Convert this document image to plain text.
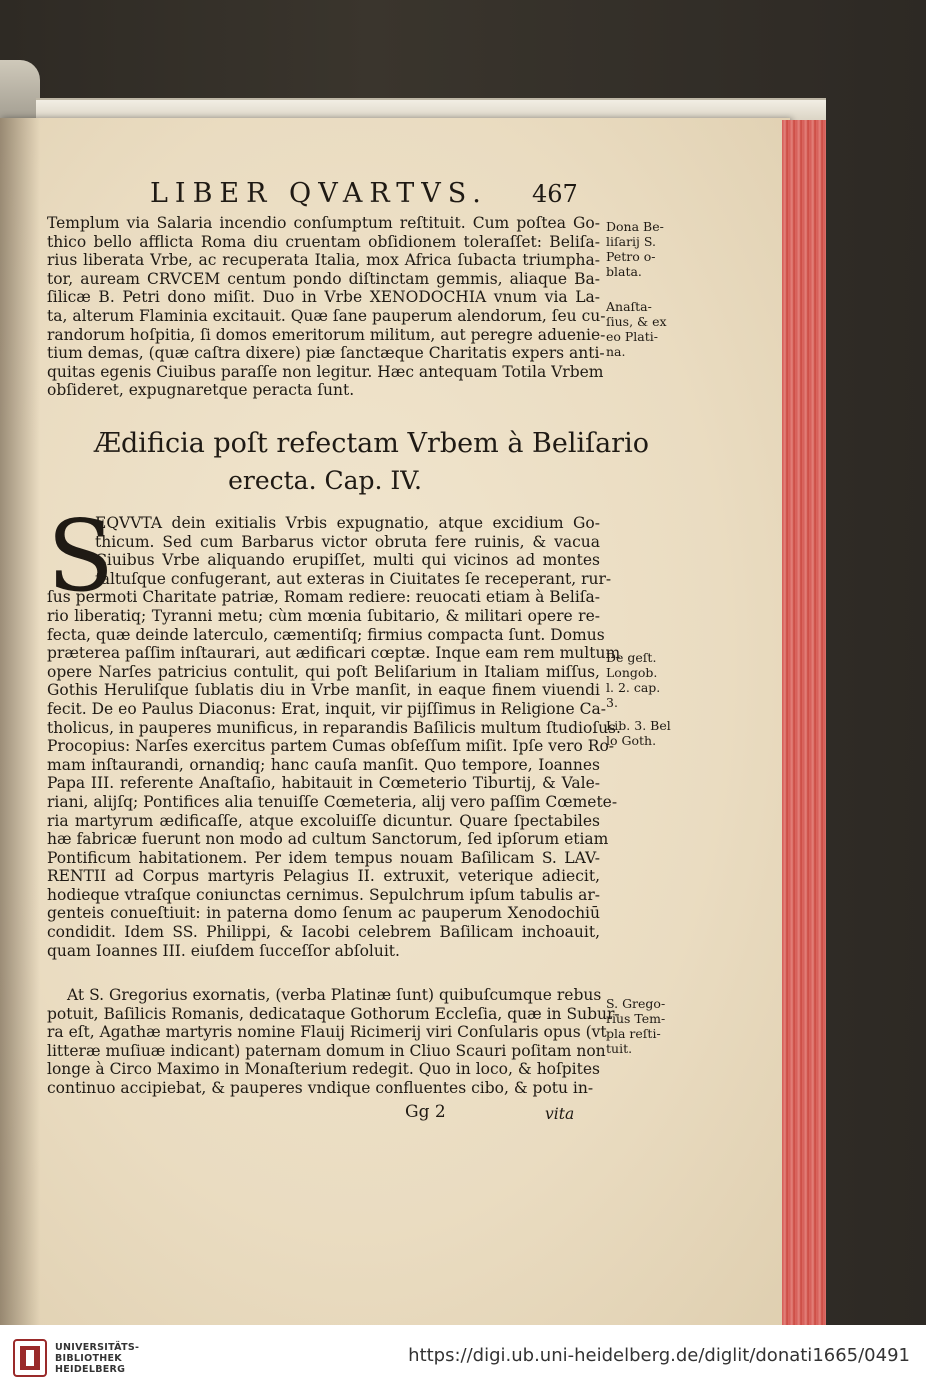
LIBER QVARTVS.	467
Templum via Salaria incendio conſumptum reſtituit. Cum poſtea Go-
thico bello afflicta Roma diu cruentam obſidionem toleraſſet: Beliſa-
rius liberata Vrbe, ac recuperata Italia, mox Africa ſubacta triumpha-
tor, auream CRVCEM centum pondo diſtinctam gemmis, aliaque Ba-
ſilicæ B. Petri dono miſit. Duo in Vrbe XENODOCHIA vnum via La-
ta, alterum Flaminia excitauit. Quæ ſane pauperum alendorum, ſeu cu-
randorum hoſpitia, ſi domos emeritorum militum, aut peregre aduenie-
tium demas, (quæ caſtra dixere) piæ ſanctæque Charitatis expers anti-
quitas egenis Ciuibus paraſſe non legitur. Hæc antequam Totila Vrbem
obſideret, expugnaretque peracta ſunt.
Ædificia poſt refectam Vrbem à Beliſario
erecta. Cap. IV.
S
EQVVTA dein exitialis Vrbis expugnatio, atque excidium Go-
thicum. Sed cum Barbarus victor obruta fere ruinis, & vacua
Ciuibus Vrbe aliquando erupiſſet, multi qui vicinos ad montes
ſaltuſque confugerant, aut exteras in Ciuitates ſe receperant, rur-
ſus permoti Charitate patriæ, Romam rediere: reuocati etiam à Beliſa-
rio liberatiq; Tyranni metu; cùm mœnia ſubitario, & militari opere re-
fecta, quæ deinde laterculo, cæmentiſq; firmius compacta ſunt. Domus
præterea paſſim inſtaurari, aut ædificari cœptæ. Inque eam rem multum
opere Narſes patricius contulit, qui poſt Beliſarium in Italiam miſſus,
Gothis Heruliſque ſublatis diu in Vrbe manſit, in eaque finem viuendi
fecit. De eo Paulus Diaconus: Erat, inquit, vir pijſſimus in Religione Ca-
tholicus, in pauperes munificus, in reparandis Baſilicis multum ſtudioſus.
Procopius: Narſes exercitus partem Cumas obſeſſum miſit. Ipſe vero Ro-
mam inſtaurandi, ornandiq; hanc cauſa manſit. Quo tempore, Ioannes
Papa III. referente Anaſtaſio, habitauit in Cœmeterio Tiburtij, & Vale-
riani, alijſq; Pontifices alia tenuiſſe Cœmeteria, alij vero paſſim Cœmete-
ria martyrum ædificaſſe, atque excoluiſſe dicuntur. Quare ſpectabiles
hæ fabricæ fuerunt non modo ad cultum Sanctorum, ſed ipſorum etiam
Pontificum habitationem. Per idem tempus nouam Baſilicam S. LAV-
RENTII ad Corpus martyris Pelagius II. extruxit, veterique adiecit,
hodieque vtraſque coniunctas cernimus. Sepulchrum ipſum tabulis ar-
genteis conueſtiuit: in paterna domo ſenum ac pauperum Xenodochiū
condidit. Idem SS. Philippi, & Iacobi celebrem Baſilicam inchoauit,
quam Ioannes III. eiuſdem ſucceſſor abſoluit.
At S. Gregorius exornatis, (verba Platinæ ſunt) quibuſcumque rebus
potuit, Baſilicis Romanis, dedicataque Gothorum Eccleſia, quæ in Subur-
ra eſt, Agathæ martyris nomine Flauij Ricimerij viri Conſularis opus (vt
litteræ muſiuæ indicant) paternam domum in Cliuo Scauri poſitam non
longe à Circo Maximo in Monaſterium redegit. Quo in loco, & hoſpites
continuo accipiebat, & pauperes vndique confluentes cibo, & potu in-
Dona Be-
liſarij S.
Petro o-
blata.
Anaſta-
ſius, & ex
eo Plati-
na.
De geſt.
Longob.
l. 2. cap. 3.
Lib. 3. Bel
lo Goth.
S. Grego-
rius Tem-
pla reſti-
tuit.
Gg 2	vita
UNIVERSITÄTS-
BIBLIOTHEK
HEIDELBERG
https://digi.ub.uni-heidelberg.de/diglit/donati1665/0491
